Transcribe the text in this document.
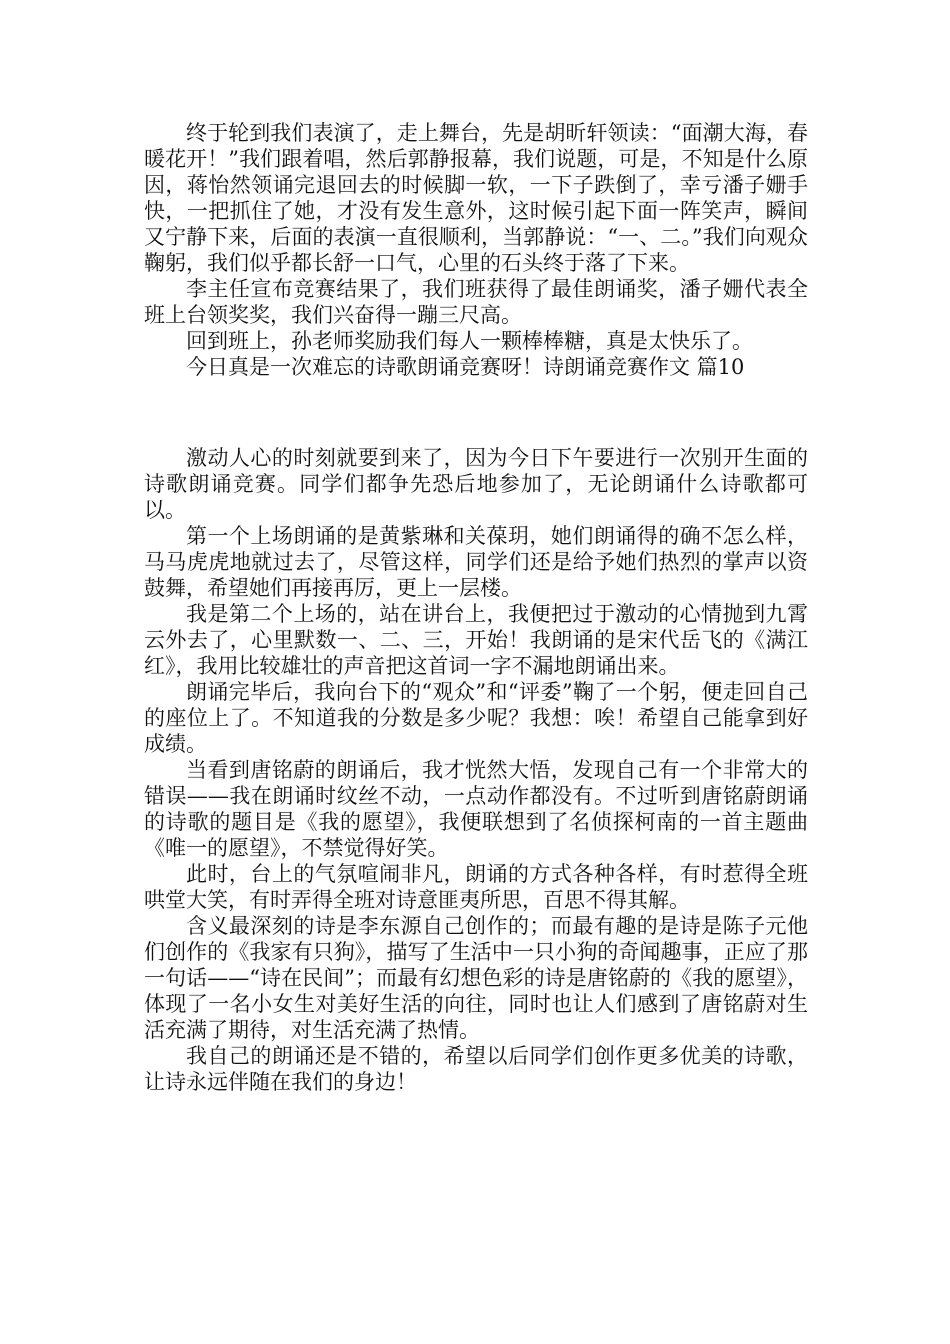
终于轮到我们表演了，走上舞台，先是胡昕轩领读：“面潮大海，春暖花开！”我们跟着唱，然后郭静报幕，我们说题，可是，不知是什么原因，蒋怡然领诵完退回去的时候脚一软，一下子跌倒了，幸亏潘子姗手快，一把抓住了她，才没有发生意外，这时候引起下面一阵笑声，瞬间又宁静下来，后面的表演一直很顺利，当郭静说：“一、二。”我们向观众鞠躬，我们似乎都长舒一口气，心里的石头终于落了下来。

李主任宣布竞赛结果了，我们班获得了最佳朗诵奖，潘子姗代表全班上台领奖奖，我们兴奋得一蹦三尺高。

回到班上，孙老师奖励我们每人一颗棒棒糖，真是太快乐了。

今日真是一次难忘的诗歌朗诵竞赛呀！诗朗诵竞赛作文 篇10

激动人心的时刻就要到来了，因为今日下午要进行一次别开生面的诗歌朗诵竞赛。同学们都争先恐后地参加了，无论朗诵什么诗歌都可以。

第一个上场朗诵的是黄紫琳和关葆玥，她们朗诵得的确不怎么样，马马虎虎地就过去了，尽管这样，同学们还是给予她们热烈的掌声以资鼓舞，希望她们再接再厉，更上一层楼。

我是第二个上场的，站在讲台上，我便把过于激动的心情抛到九霄云外去了，心里默数一、二、三，开始！我朗诵的是宋代岳飞的《满江红》，我用比较雄壮的声音把这首词一字不漏地朗诵出来。

朗诵完毕后，我向台下的“观众”和“评委”鞠了一个躬，便走回自己的座位上了。不知道我的分数是多少呢？我想：唉！希望自己能拿到好成绩。

当看到唐铭蔚的朗诵后，我才恍然大悟，发现自己有一个非常大的错误——我在朗诵时纹丝不动，一点动作都没有。不过听到唐铭蔚朗诵的诗歌的题目是《我的愿望》，我便联想到了名侦探柯南的一首主题曲《唯一的愿望》，不禁觉得好笑。

此时，台上的气氛喧闹非凡，朗诵的方式各种各样，有时惹得全班哄堂大笑，有时弄得全班对诗意匪夷所思，百思不得其解。

含义最深刻的诗是李东源自己创作的；而最有趣的是诗是陈子元他们创作的《我家有只狗》，描写了生活中一只小狗的奇闻趣事，正应了那一句话——“诗在民间”；而最有幻想色彩的诗是唐铭蔚的《我的愿望》，体现了一名小女生对美好生活的向往，同时也让人们感到了唐铭蔚对生活充满了期待，对生活充满了热情。

我自己的朗诵还是不错的，希望以后同学们创作更多优美的诗歌，让诗永远伴随在我们的身边！
